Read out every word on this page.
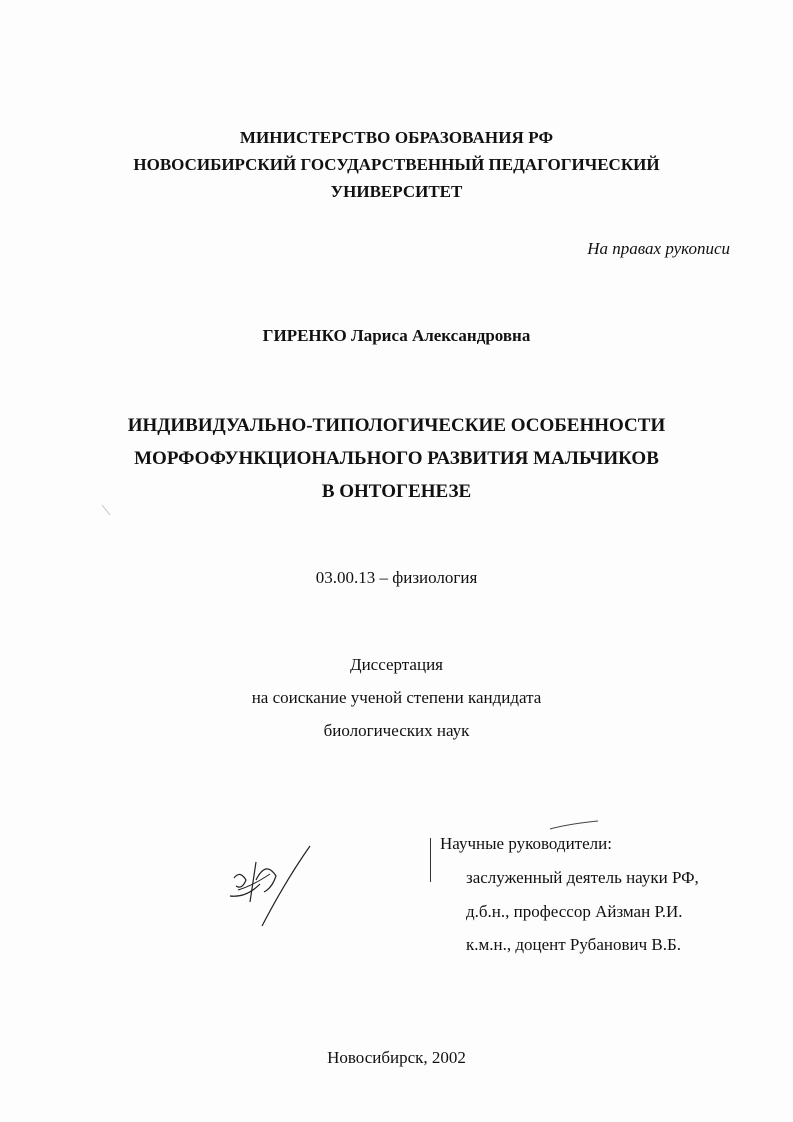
МИНИСТЕРСТВО ОБРАЗОВАНИЯ РФ
НОВОСИБИРСКИЙ ГОСУДАРСТВЕННЫЙ ПЕДАГОГИЧЕСКИЙ
УНИВЕРСИТЕТ
На правах рукописи
ГИРЕНКО Лариса Александровна
ИНДИВИДУАЛЬНО-ТИПОЛОГИЧЕСКИЕ ОСОБЕННОСТИ
МОРФОФУНКЦИОНАЛЬНОГО РАЗВИТИЯ МАЛЬЧИКОВ
В ОНТОГЕНЕЗЕ
03.00.13 – физиология
Диссертация
на соискание ученой степени кандидата
биологических наук
Научные руководители:
заслуженный деятель науки РФ,
д.б.н., профессор Айзман Р.И.
к.м.н., доцент Рубанович В.Б.
Новосибирск, 2002
